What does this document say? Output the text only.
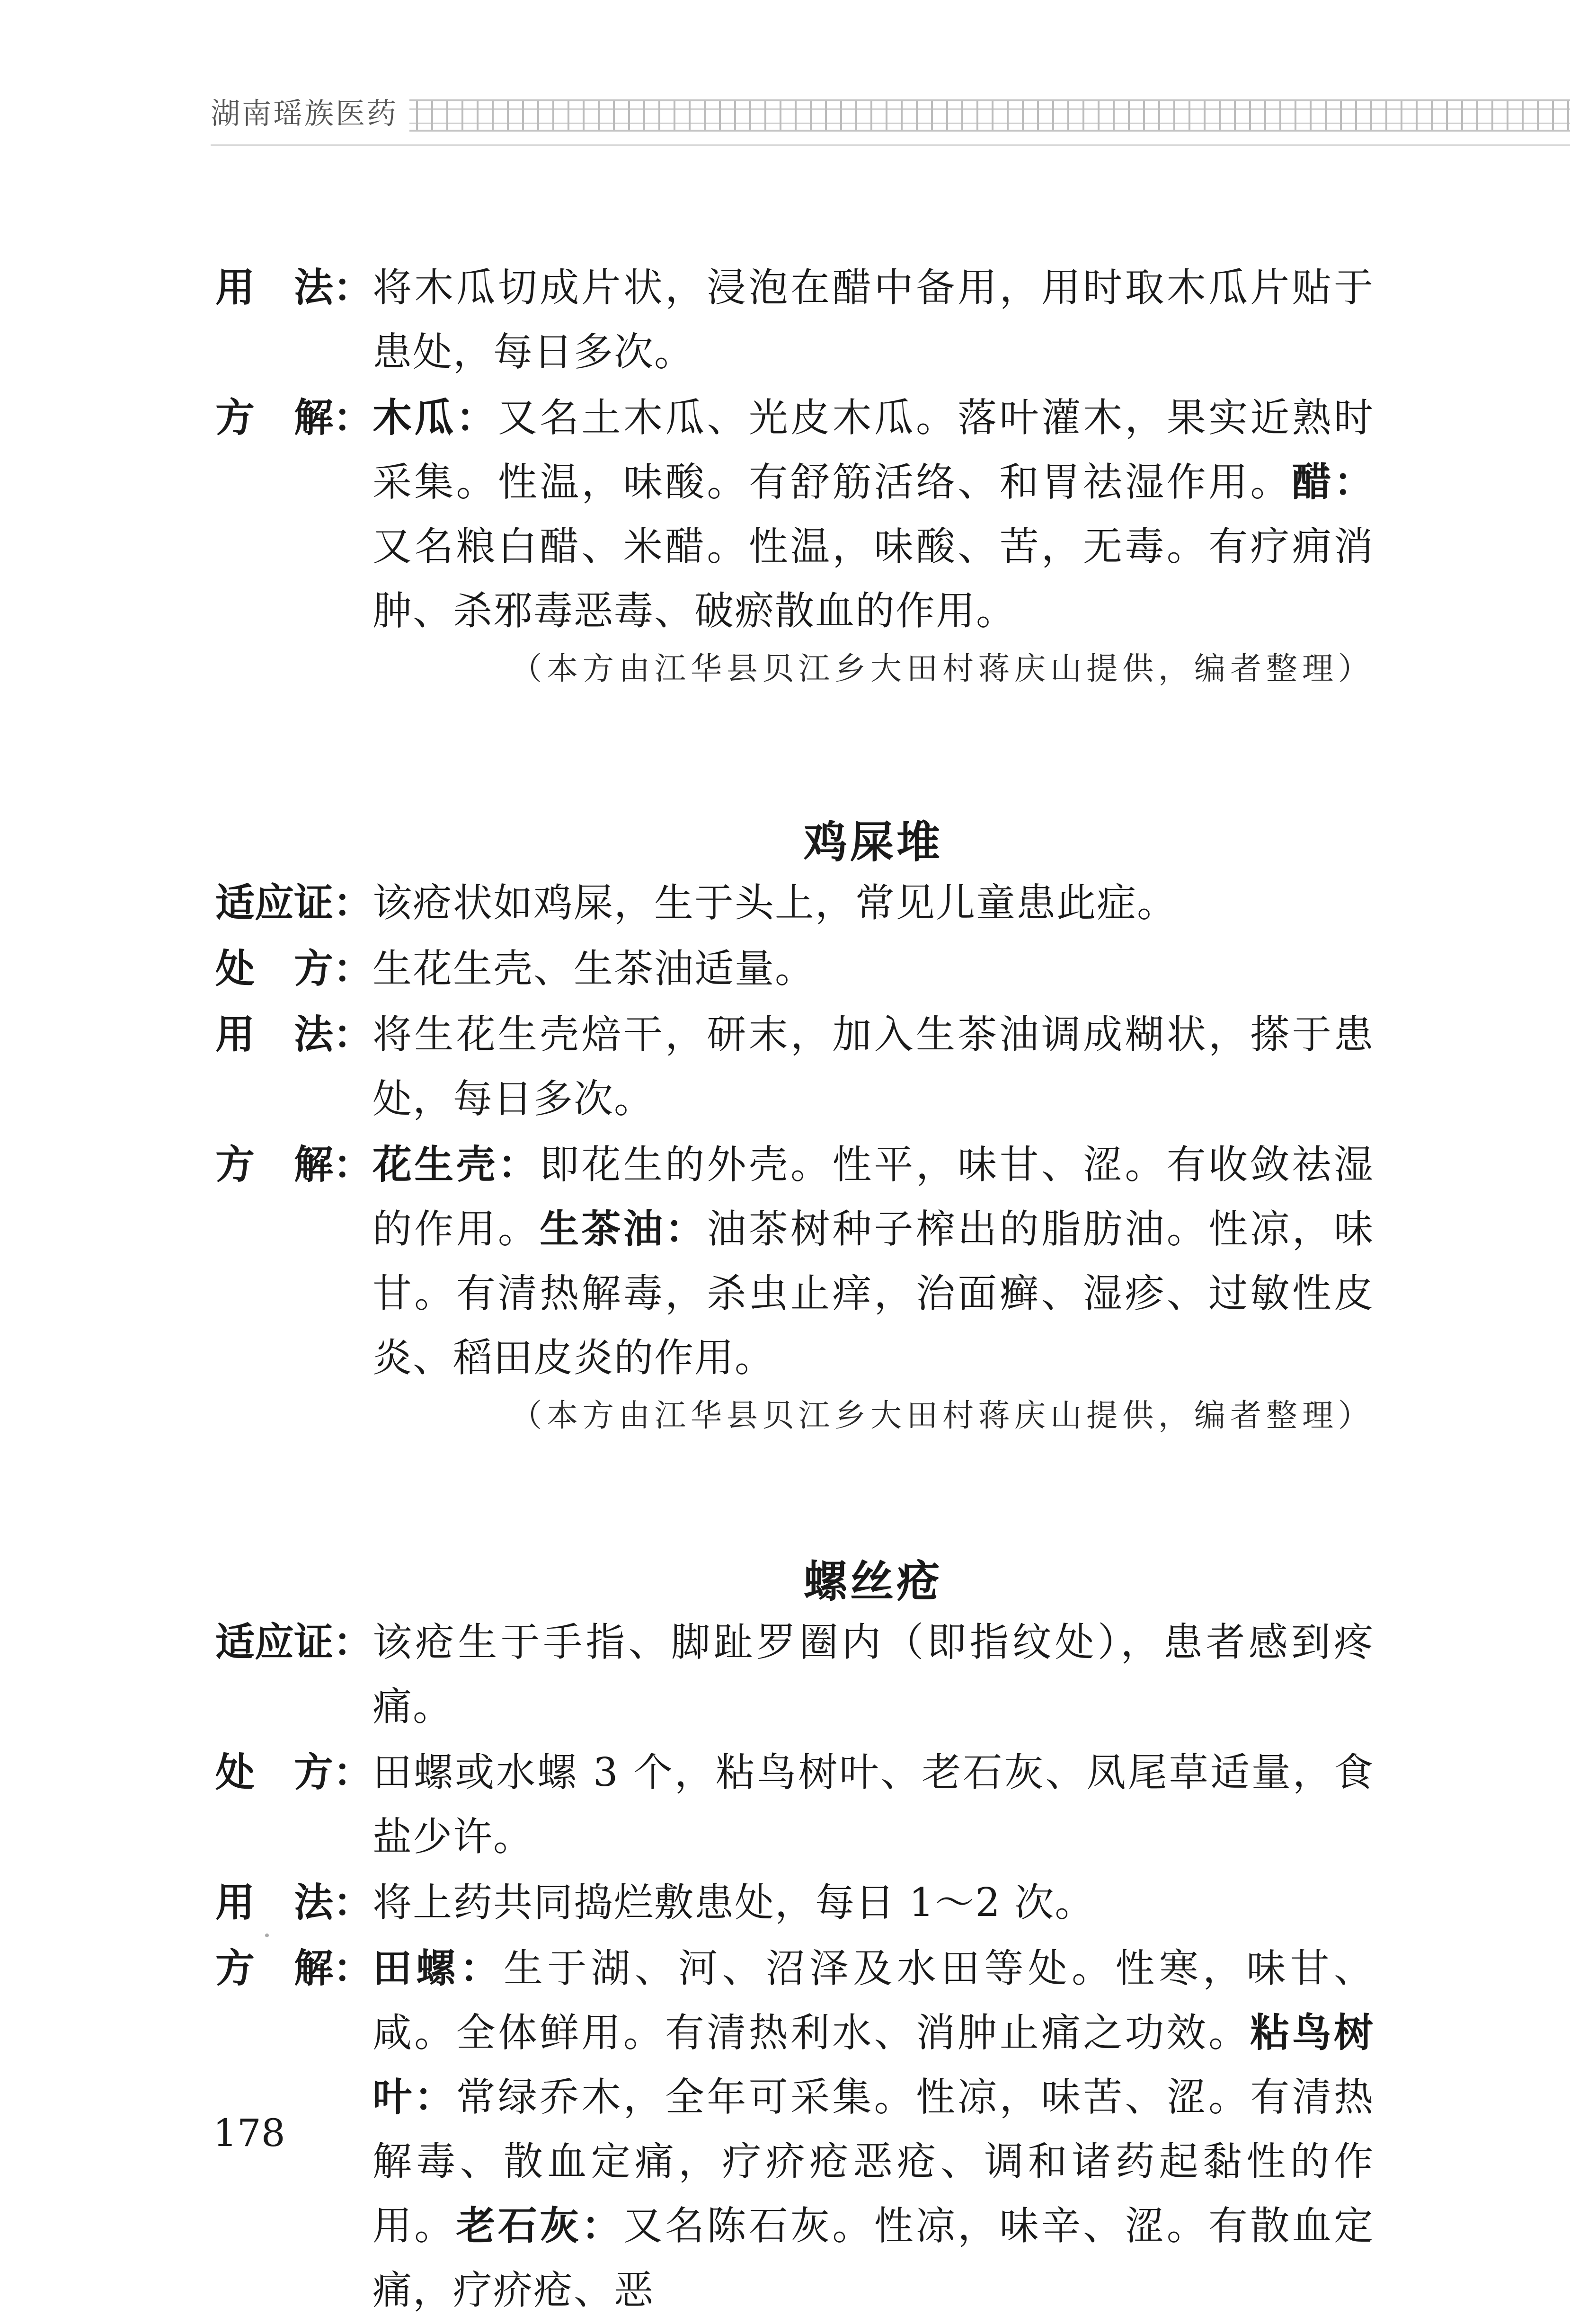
湖南瑶族医药
用　法： 将木瓜切成片状，浸泡在醋中备用，用时取木瓜片贴于患处，每日多次。
方　解： 木瓜：又名土木瓜、光皮木瓜。落叶灌木，果实近熟时采集。性温，味酸。有舒筋活络、和胃祛湿作用。醋：又名粮白醋、米醋。性温，味酸、苦，无毒。有疗痈消肿、杀邪毒恶毒、破瘀散血的作用。
（本方由江华县贝江乡大田村蒋庆山提供，编者整理）
鸡屎堆
适应证： 该疮状如鸡屎，生于头上，常见儿童患此症。
处　方： 生花生壳、生茶油适量。
用　法： 将生花生壳焙干，研末，加入生茶油调成糊状，搽于患处，每日多次。
方　解： 花生壳：即花生的外壳。性平，味甘、涩。有收敛祛湿的作用。生茶油：油茶树种子榨出的脂肪油。性凉，味甘。有清热解毒，杀虫止痒，治面癣、湿疹、过敏性皮炎、稻田皮炎的作用。
（本方由江华县贝江乡大田村蒋庆山提供，编者整理）
螺丝疮
适应证： 该疮生于手指、脚趾罗圈内（即指纹处），患者感到疼痛。
处　方： 田螺或水螺 3 个，粘鸟树叶、老石灰、凤尾草适量，食盐少许。
用　法： 将上药共同捣烂敷患处，每日 1～2 次。
方　解： 田螺：生于湖、河、沼泽及水田等处。性寒，味甘、咸。全体鲜用。有清热利水、消肿止痛之功效。粘鸟树叶：常绿乔木，全年可采集。性凉，味苦、涩。有清热解毒、散血定痛，疗疥疮恶疮、调和诸药起黏性的作用。老石灰：又名陈石灰。性凉，味辛、涩。有散血定痛，疗疥疮、恶
178
